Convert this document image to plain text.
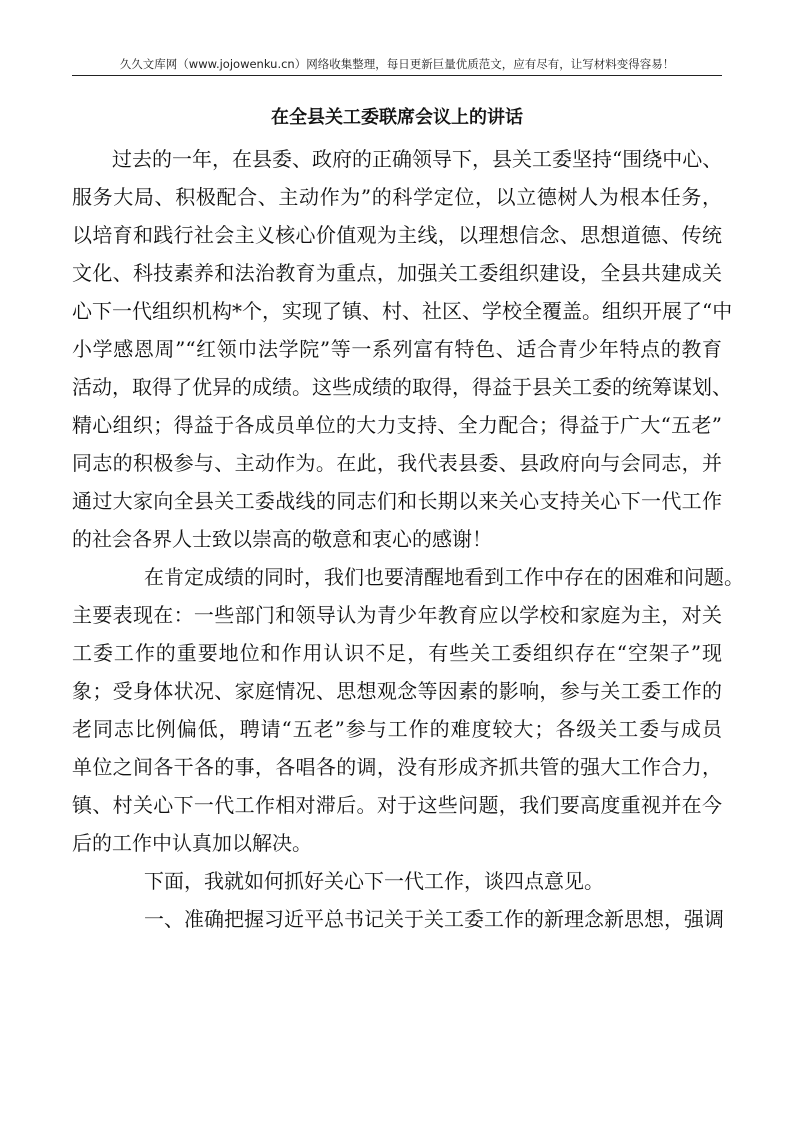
久久文库网（www.jojowenku.cn）网络收集整理，每日更新巨量优质范文，应有尽有，让写材料变得容易！
在全县关工委联席会议上的讲话
过去的一年，在县委、政府的正确领导下，县关工委坚持“围绕中心、
服务大局、积极配合、主动作为”的科学定位，以立德树人为根本任务，
以培育和践行社会主义核心价值观为主线，以理想信念、思想道德、传统
文化、科技素养和法治教育为重点，加强关工委组织建设，全县共建成关
心下一代组织机构*个，实现了镇、村、社区、学校全覆盖。组织开展了“中
小学感恩周”“红领巾法学院”等一系列富有特色、适合青少年特点的教育
活动，取得了优异的成绩。这些成绩的取得，得益于县关工委的统筹谋划、
精心组织；得益于各成员单位的大力支持、全力配合；得益于广大“五老”
同志的积极参与、主动作为。在此，我代表县委、县政府向与会同志，并
通过大家向全县关工委战线的同志们和长期以来关心支持关心下一代工作
的社会各界人士致以崇高的敬意和衷心的感谢！
在肯定成绩的同时，我们也要清醒地看到工作中存在的困难和问题。
主要表现在：一些部门和领导认为青少年教育应以学校和家庭为主，对关
工委工作的重要地位和作用认识不足，有些关工委组织存在“空架子”现
象；受身体状况、家庭情况、思想观念等因素的影响，参与关工委工作的
老同志比例偏低，聘请“五老”参与工作的难度较大；各级关工委与成员
单位之间各干各的事，各唱各的调，没有形成齐抓共管的强大工作合力，
镇、村关心下一代工作相对滞后。对于这些问题，我们要高度重视并在今
后的工作中认真加以解决。
下面，我就如何抓好关心下一代工作，谈四点意见。
一、准确把握习近平总书记关于关工委工作的新理念新思想，强调
